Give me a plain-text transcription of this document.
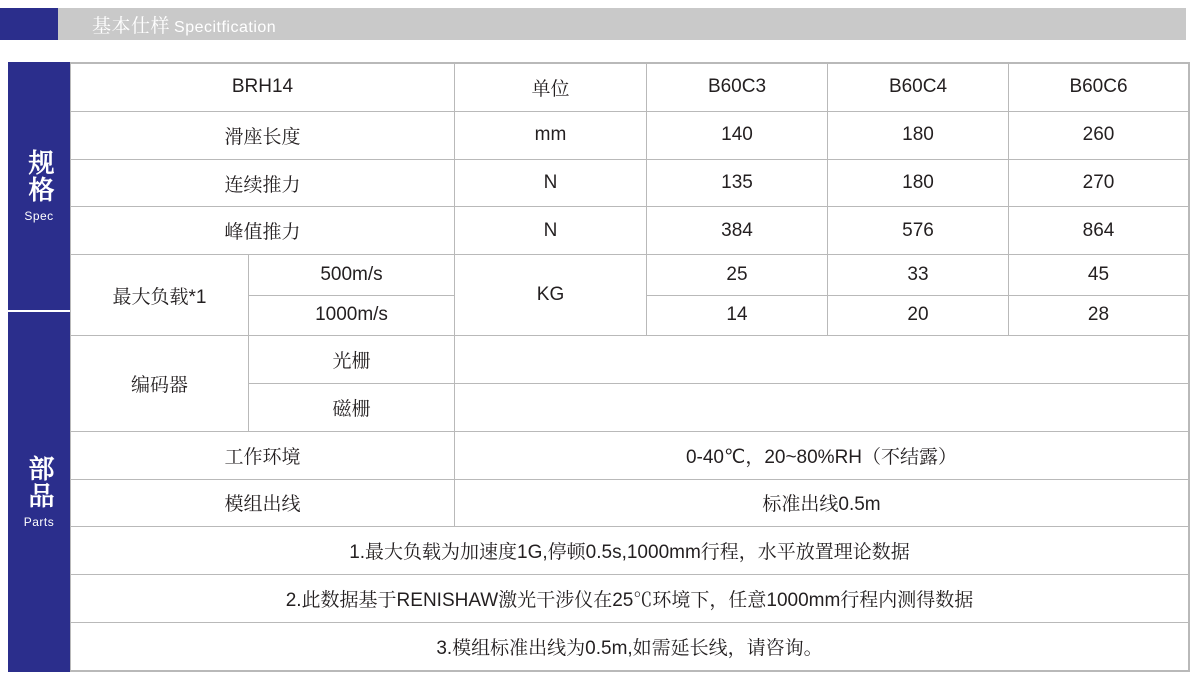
基本仕样 Specitfication
规格
Spec
部品
Parts
BRH14		单位	B60C3	B60C4	B60C6
滑座长度		mm	140	180	260
连续推力		N	135	180	270
峰值推力		N	384	576	864
最大负载*1	500m/s	KG	25	33	45
	1000m/s		14	20	28
编码器	光栅				
	磁栅				
工作环境		0-40℃，20~80%RH（不结露）			
模组出线		标准出线0.5m			
1.最大负载为加速度1G,停顿0.5s,1000mm行程，水平放置理论数据					
2.此数据基于RENISHAW激光干涉仪在25℃环境下，任意1000mm行程内测得数据					
3.模组标准出线为0.5m,如需延长线，请咨询。					
